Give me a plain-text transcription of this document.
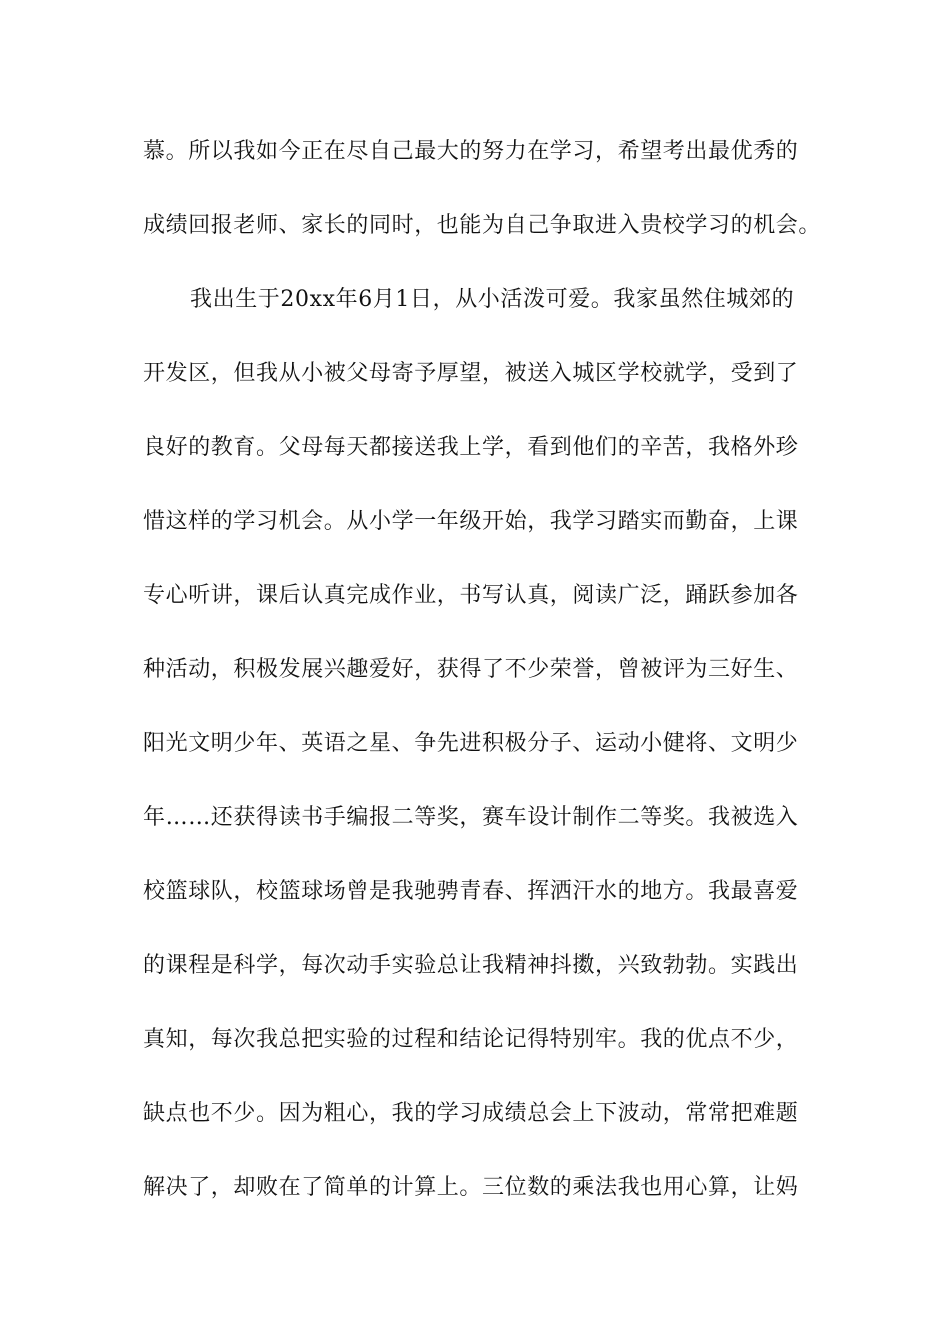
慕。所以我如今正在尽自己最大的努力在学习，希望考出最优秀的
成绩回报老师、家长的同时，也能为自己争取进入贵校学习的机会。
我出生于20xx年6月1日，从小活泼可爱。我家虽然住城郊的
开发区，但我从小被父母寄予厚望，被送入城区学校就学，受到了
良好的教育。父母每天都接送我上学，看到他们的辛苦，我格外珍
惜这样的学习机会。从小学一年级开始，我学习踏实而勤奋，上课
专心听讲，课后认真完成作业，书写认真，阅读广泛，踊跃参加各
种活动，积极发展兴趣爱好，获得了不少荣誉，曾被评为三好生、
阳光文明少年、英语之星、争先进积极分子、运动小健将、文明少
年……还获得读书手编报二等奖，赛车设计制作二等奖。我被选入
校篮球队，校篮球场曾是我驰骋青春、挥洒汗水的地方。我最喜爱
的课程是科学，每次动手实验总让我精神抖擞，兴致勃勃。实践出
真知，每次我总把实验的过程和结论记得特别牢。我的优点不少，
缺点也不少。因为粗心，我的学习成绩总会上下波动，常常把难题
解决了，却败在了简单的计算上。三位数的乘法我也用心算，让妈
